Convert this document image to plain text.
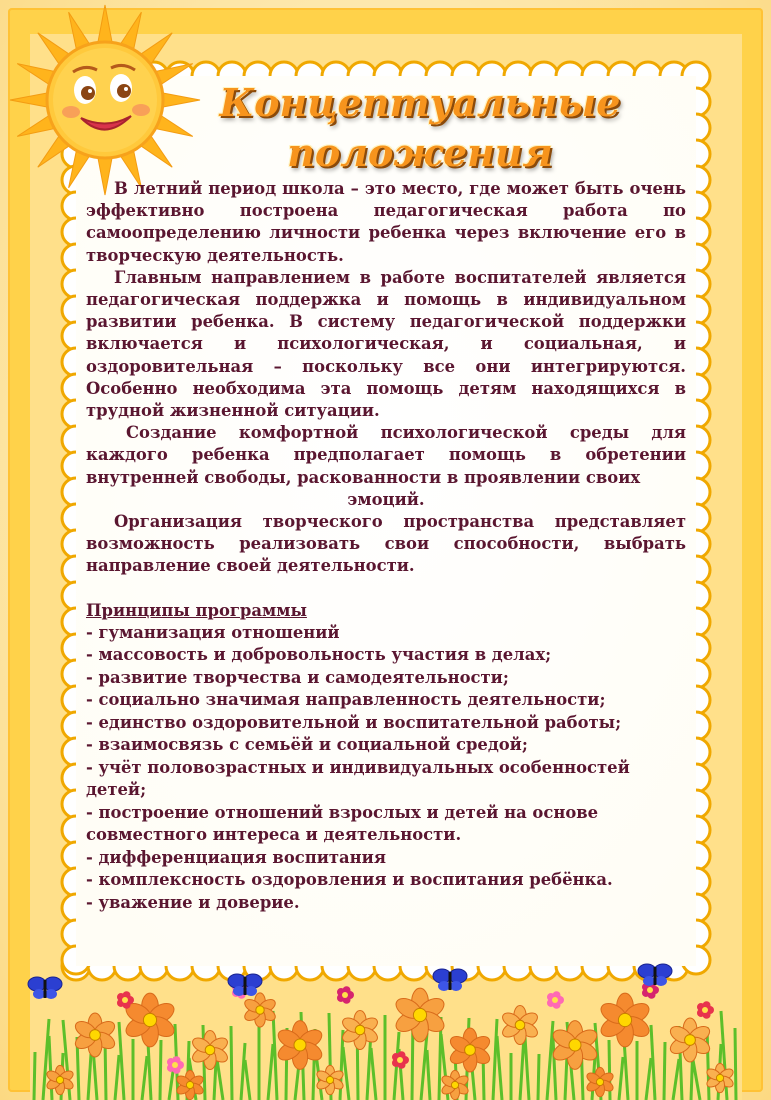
Концептуальные
положения

В летний период школа – это место, где может быть очень эффективно построена педагогическая работа по самоопределению личности ребенка через включение его в творческую деятельность.

Главным направлением в работе воспитателей является педагогическая поддержка и помощь в индивидуальном развитии ребенка. В систему педагогической поддержки включается и психологическая, и социальная, и оздоровительная – поскольку все они интегрируются. Особенно необходима эта помощь детям находящихся в трудной жизненной ситуации.

Создание комфортной психологической среды для каждого ребенка предполагает помощь в обретении внутренней свободы, раскованности в проявлении своих

эмоций.

Организация творческого пространства представляет возможность реализовать свои способности, выбрать направление своей деятельности.

Принципы программы
- гуманизация отношений
- массовость и добровольность участия в делах;
- развитие творчества и самодеятельности;
- социально значимая направленность деятельности;
- единство оздоровительной и воспитательной работы;
- взаимосвязь с семьёй и социальной средой;
- учёт половозрастных и индивидуальных особенностей детей;
- построение отношений взрослых и детей на основе совместного интереса и деятельности.
- дифференциация воспитания
- комплексность оздоровления и воспитания ребёнка.
- уважение и доверие.
